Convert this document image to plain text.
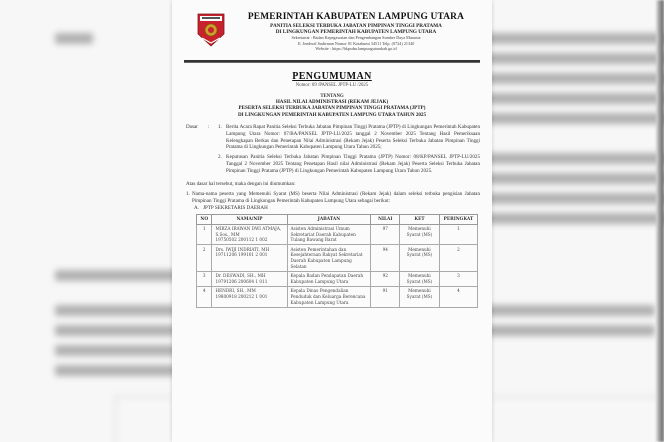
PEMERINTAH KABUPATEN LAMPUNG UTARA
PANITIA SELEKSI TERBUKA JABATAN PIMPINAN TINGGI PRATAMA
DI LINGKUNGAN PEMERINTAH KABUPATEN LAMPUNG UTARA
Sekretariat : Badan Kepegawaian dan Pengembangan Sumber Daya Manusia
Jl. Jenderal Sudirman Nomor 01 Kotabumi 34511 Telp. (0724) 21340
Website : https://bkpsdm.lampungutarakab.go.id
PENGUMUMAN
Nomor: 09 /PANSEL JPTP-LU /2025
TENTANG
HASIL NILAI ADMINISTRASI (REKAM JEJAK)
PESERTA SELEKSI TERBUKA JABATAN PIMPINAN TINGGI PRATAMA (JPTP)
DI LINGKUNGAN PEMERINTAH KABUPATEN LAMPUNG UTARA TAHUN 2025
Dasar	:	1. Berita Acara Rapat Panitia Seleksi Terbuka Jabatan Pimpinan Tinggi Pratama (JPTP) di Lingkungan Pemerintah Kabupaten Lampung Utara Nomor: 07/BA/PANSEL JPTP-LU/2025 tanggal 2 November 2025 Tentang Hasil Pemeriksaan Kelengkapan Berkas dan Penetapan Nilai Administrasi (Rekam Jejak) Peserta Seleksi Terbuka Jabatan Pimpinan Tinggi Pratama di Lingkungan Pemerintah Kabupaten Lampung Utara Tahun 2025;
2. Keputusan Panitia Seleksi Terbuka Jabatan Pimpinan Tinggi Pratama (JPTP) Nomor: 08/KP/PANSEL JPTP-LU/2025 Tanggal 2 November 2025 Tentang Penetapan Hasil nilai Administrasi (Rekam Jejak) Peserta Seleksi Terbuka Jabatan Pimpinan Tinggi Pratama (JPTP) di Lingkungan Pemerintah Kabupaten Lampung Utara Tahun 2025.
Atas dasar hal tersebut, maka dengan ini diumumkan:
1. Nama-nama peserta yang Memenuhi Syarat (MS) beserta Nilai Administrasi (Rekam Jejak) dalam seleksi terbuka pengisian Jabatan Pimpinan Tinggi Pratama di Lingkungan Pemerintah Kabupaten Lampung Utara sebagai berikut:
A. JPTP SEKRETARIS DAERAH
NO	NAMA/NIP	JABATAN	NILAI	KET	PERINGKAT
1	MIRZA IRAWAN DWI ATMAJA, S.Sos., MM
19750502 200112 1 002	Asisten Administrasi Umum Sekretariat Daerah Kabupaten Tulang Bawang Barat	97	Memenuhi Syarat (MS)	1
2	Drs. IWIJI INDRIATI, MH
19711206 199101 2 001	Asisten Pemerintahan dan Kesejahteraan Rakyat Sekretariat Daerah Kabupaten Lampung Selatan	94	Memenuhi Syarat (MS)	2
3	Dr. DESWADI, SH., MH
19791206 200604 1 011	Kepala Badan Pendapatan Daerah Kabupaten Lampung Utara	92	Memenuhi Syarat (MS)	3
4	HENDRI, SH., MM
19800918 200212 1 001	Kepala Dinas Pengendalian Penduduk dan Keluarga Berencana Kabupaten Lampung Utara	91	Memenuhi Syarat (MS)	4
